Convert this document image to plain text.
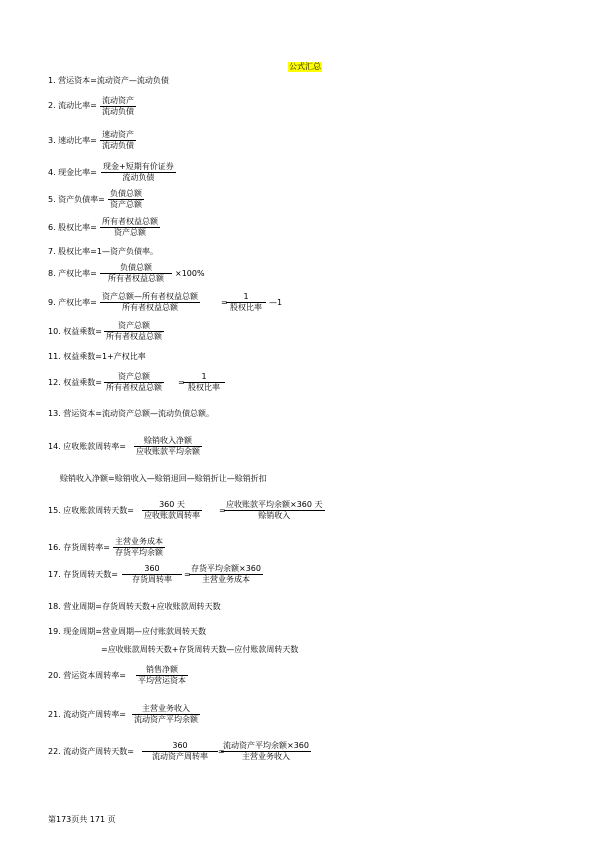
公式汇总
1. 营运资本=流动资产—流动负债
2. 流动比率=
流动资产
流动负债
3. 速动比率=
速动资产
流动负债
4. 现金比率=
现金+短期有价证券
流动负债
5. 资产负债率=
负债总额
资产总额
6. 股权比率=
所有者权益总额
资产总额
7. 股权比率=1—资产负债率。
8. 产权比率=
负债总额
所有者权益总额
×100%
9. 产权比率=
资产总额—所有者权益总额
所有者权益总额
=
1
股权比率
—1
10. 权益乘数=
资产总额
所有者权益总额
11. 权益乘数=1+产权比率
12. 权益乘数=
资产总额
所有者权益总额
=
1
股权比率
13. 营运资本=流动资产总额—流动负债总额。
14. 应收账款周转率=
赊销收入净额
应收账款平均余额
赊销收入净额=赊销收入—赊销退回—赊销折让—赊销折扣
15. 应收账款周转天数=
360 天
应收账款周转率
=
应收账款平均余额×360 天
赊销收入
16. 存货周转率=
主营业务成本
存货平均余额
17. 存货周转天数=
360
存货周转率
=
存货平均余额×360
主营业务成本
18. 营业周期=存货周转天数+应收账款周转天数
19. 现金周期=营业周期—应付账款周转天数
=应收账款周转天数+存货周转天数—应付账款周转天数
20. 营运资本周转率=
销售净额
平均营运资本
21. 流动资产周转率=
主营业务收入
流动资产平均余额
22. 流动资产周转天数=
360
流动资产周转率
=
流动资产平均余额×360
主营业务收入
第173页共 171 页
